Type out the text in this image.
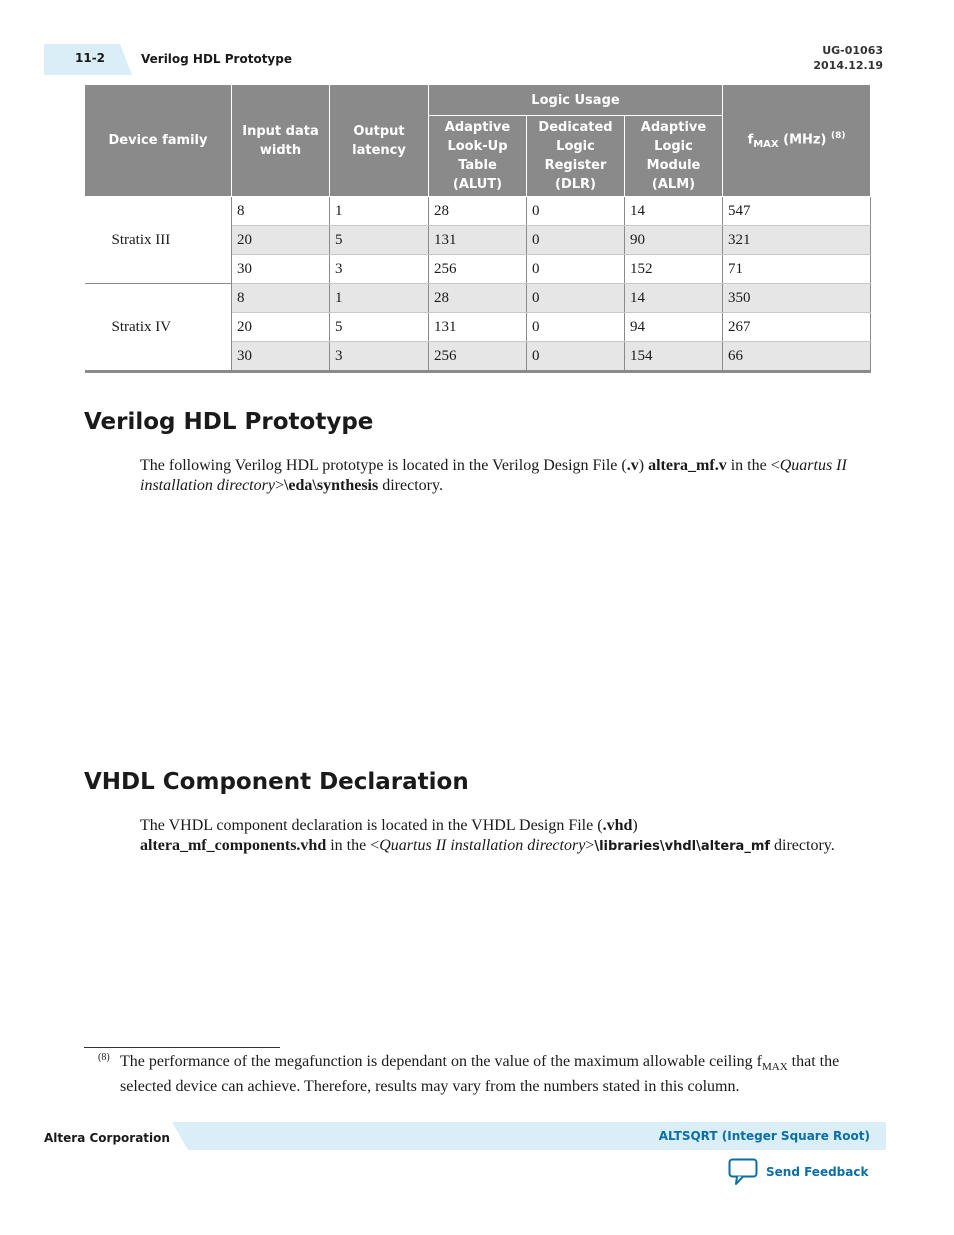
11-2	Verilog HDL Prototype
UG-01063
2014.12.19
Device family	Input data width	Output latency	Logic Usage			$f_{MAX}$ (MHz) $^{(8)}$
			Adaptive Look-Up Table (ALUT)	Dedicated Logic Register (DLR)	Adaptive Logic Module (ALM)	
Stratix III	8	1	28	0	14	547
	20	5	131	0	90	321
	30	3	256	0	152	71
Stratix IV	8	1	28	0	14	350
	20	5	131	0	94	267
	30	3	256	0	154	66
Verilog HDL Prototype

The following Verilog HDL prototype is located in the Verilog Design File (.v) altera_mf.v in the <Quartus II installation directory>\eda\synthesis directory.

VHDL Component Declaration

The VHDL component declaration is located in the VHDL Design File (.vhd)
altera_mf_components.vhd in the <Quartus II installation directory>\libraries\vhdl\altera_mf directory.

(8) The performance of the megafunction is dependant on the value of the maximum allowable ceiling $f_{MAX}$ that the selected device can achieve. Therefore, results may vary from the numbers stated in this column.

Altera Corporation	ALTSQRT (Integer Square Root)
Send Feedback
